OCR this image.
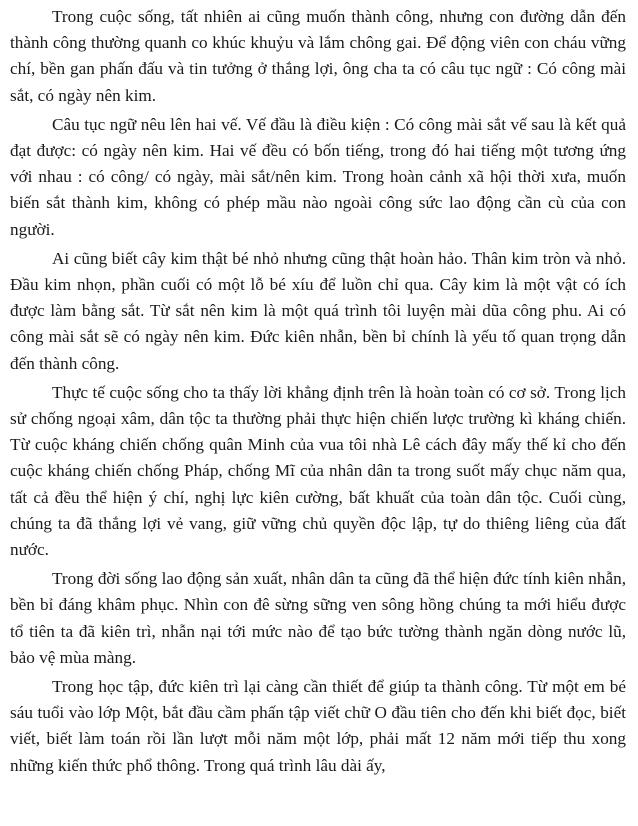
Trong cuộc sống, tất nhiên ai cũng muốn thành công, nhưng con đường dẫn đến thành công thường quanh co khúc khuỷu và lắm chông gai. Để động viên con cháu vững chí, bền gan phấn đấu và tin tưởng ở thắng lợi, ông cha ta có câu tục ngữ : Có công mài sắt, có ngày nên kim.

Câu tục ngữ nêu lên hai vế. Vế đầu là điều kiện : Có công mài sắt vế sau là kết quả đạt được: có ngày nên kim. Hai vế đều có bốn tiếng, trong đó hai tiếng một tương ứng với nhau : có công/ có ngày, mài sắt/nên kim. Trong hoàn cảnh xã hội thời xưa, muốn biến sắt thành kim, không có phép mầu nào ngoài công sức lao động cần cù của con người.

Ai cũng biết cây kim thật bé nhỏ nhưng cũng thật hoàn hảo. Thân kim tròn và nhỏ. Đầu kim nhọn, phần cuối có một lỗ bé xíu để luồn chỉ qua. Cây kim là một vật có ích được làm bằng sắt. Từ sắt nên kim là một quá trình tôi luyện mài dũa công phu. Ai có công mài sắt sẽ có ngày nên kim. Đức kiên nhẫn, bền bỉ chính là yếu tố quan trọng dẫn đến thành công.

Thực tế cuộc sống cho ta thấy lời khẳng định trên là hoàn toàn có cơ sở. Trong lịch sử chống ngoại xâm, dân tộc ta thường phải thực hiện chiến lược trường kì kháng chiến. Từ cuộc kháng chiến chống quân Minh của vua tôi nhà Lê cách đây mấy thế kỉ cho đến cuộc kháng chiến chống Pháp, chống Mĩ của nhân dân ta trong suốt mấy chục năm qua, tất cả đều thể hiện ý chí, nghị lực kiên cường, bất khuất của toàn dân tộc. Cuối cùng, chúng ta đã thắng lợi vẻ vang, giữ vững chủ quyền độc lập, tự do thiêng liêng của đất nước.

Trong đời sống lao động sản xuất, nhân dân ta cũng đã thể hiện đức tính kiên nhẫn, bền bỉ đáng khâm phục. Nhìn con đê sừng sững ven sông hồng chúng ta mới hiểu được tổ tiên ta đã kiên trì, nhẫn nại tới mức nào để tạo bức tường thành ngăn dòng nước lũ, bảo vệ mùa màng.

Trong học tập, đức kiên trì lại càng cần thiết để giúp ta thành công. Từ một em bé sáu tuổi vào lớp Một, bắt đầu cầm phấn tập viết chữ O đầu tiên cho đến khi biết đọc, biết viết, biết làm toán rồi lần lượt mỗi năm một lớp, phải mất 12 năm mới tiếp thu xong những kiến thức phổ thông. Trong quá trình lâu dài ấy,
